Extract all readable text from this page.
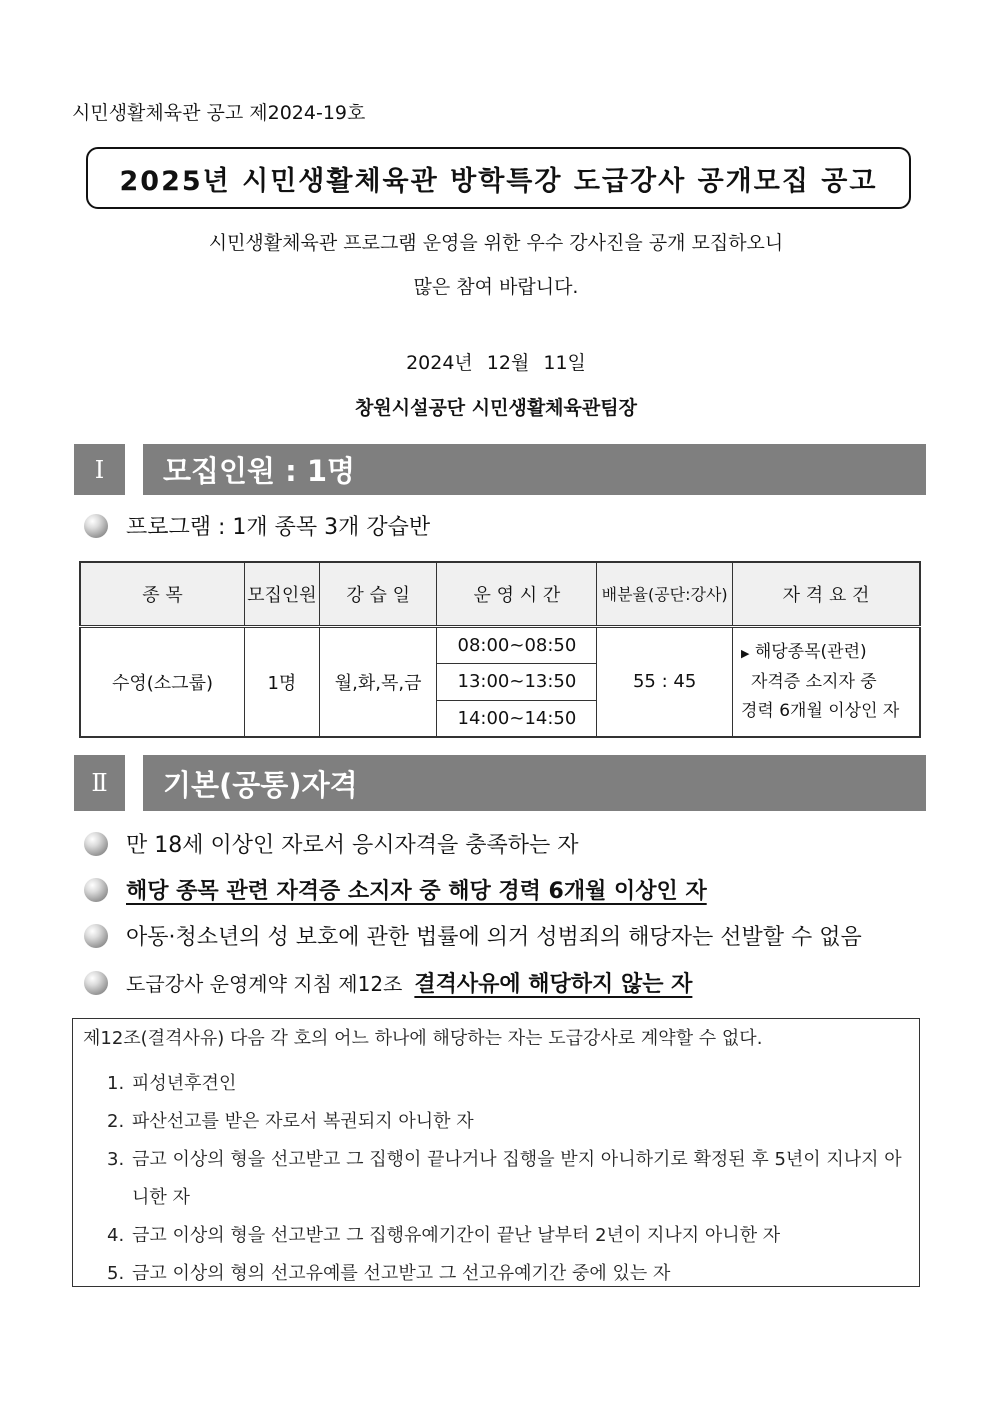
시민생활체육관 공고 제2024-19호
2025년 시민생활체육관 방학특강 도급강사 공개모집 공고
시민생활체육관 프로그램 운영을 위한 우수 강사진을 공개 모집하오니
많은 참여 바랍니다.
2024년 12월 11일
창원시설공단 시민생활체육관팀장
Ⅰ	모집인원 : 1명
프로그램 : 1개 종목 3개 강습반
종 목	모집인원	강 습 일	운 영 시 간	배분율(공단:강사)	자 격 요 건
수영(소그룹)	1명	월,화,목,금	08:00~08:50	55 : 45	▶ 해당종목(관련)
자격증 소지자 중
경력 6개월 이상인 자

			13:00~13:50		
			14:00~14:50		
Ⅱ	기본(공통)자격
만 18세 이상인 자로서 응시자격을 충족하는 자
해당 종목 관련 자격증 소지자 중 해당 경력 6개월 이상인 자
아동·청소년의 성 보호에 관한 법률에 의거 성범죄의 해당자는 선발할 수 없음
도급강사 운영계약 지침 제12조 결격사유에 해당하지 않는 자
제12조(결격사유) 다음 각 호의 어느 하나에 해당하는 자는 도급강사로 계약할 수 없다.
1. 피성년후견인
2. 파산선고를 받은 자로서 복권되지 아니한 자
3. 금고 이상의 형을 선고받고 그 집행이 끝나거나 집행을 받지 아니하기로 확정된 후 5년이 지나지 아니한 자
4. 금고 이상의 형을 선고받고 그 집행유예기간이 끝난 날부터 2년이 지나지 아니한 자
5. 금고 이상의 형의 선고유예를 선고받고 그 선고유예기간 중에 있는 자
